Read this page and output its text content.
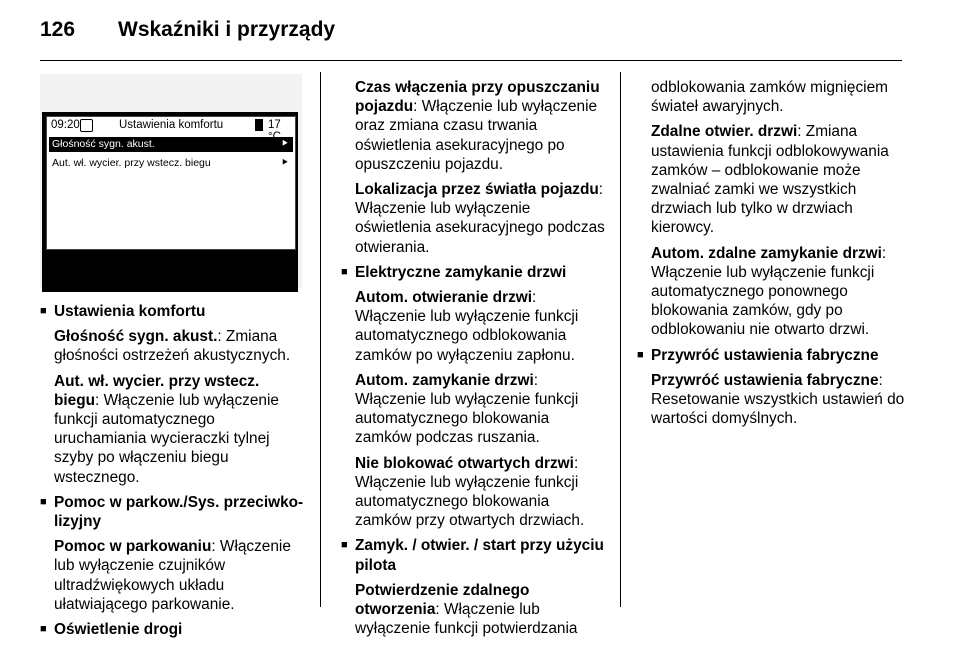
126 Wskaźniki i przyrządy
09:20	Ustawienia komfortu	17
Głośność sygn. akust.	⯈
Aut. wł. wycier. przy wstecz. biegu	⯈
■ Ustawienia komfortu

Głośność sygn. akust.: Zmiana głośności ostrzeżeń akustycznych.

Aut. wł. wycier. przy wstecz. biegu: Włączenie lub wyłączenie funkcji automatycznego uruchamiania wycieraczki tylnej szyby po włączeniu biegu wstecznego.

■ Pomoc w parkow./Sys. przeciwko-lizyjny

Pomoc w parkowaniu: Włączenie lub wyłączenie czujników ultradźwiękowych układu ułatwiającego parkowanie.

■ Oświetlenie drogi

Czas włączenia przy opuszczaniu pojazdu: Włączenie lub wyłączenie oraz zmiana czasu trwania oświetlenia asekuracyjnego po opuszczeniu pojazdu.

Lokalizacja przez światła pojazdu: Włączenie lub wyłączenie oświetlenia asekuracyjnego podczas otwierania.

■ Elektryczne zamykanie drzwi

Autom. otwieranie drzwi: Włączenie lub wyłączenie funkcji automatycznego odblokowania zamków po wyłączeniu zapłonu.

Autom. zamykanie drzwi: Włączenie lub wyłączenie funkcji automatycznego blokowania zamków podczas ruszania.

Nie blokować otwartych drzwi: Włączenie lub wyłączenie funkcji automatycznego blokowania zamków przy otwartych drzwiach.

■ Zamyk. / otwier. / start przy użyciu pilota

Potwierdzenie zdalnego otworzenia: Włączenie lub wyłączenie funkcji potwierdzania

odblokowania zamków mignięciem świateł awaryjnych.

Zdalne otwier. drzwi: Zmiana ustawienia funkcji odblokowywania zamków – odblokowanie może zwalniać zamki we wszystkich drzwiach lub tylko w drzwiach kierowcy.

Autom. zdalne zamykanie drzwi: Włączenie lub wyłączenie funkcji automatycznego ponownego blokowania zamków, gdy po odblokowaniu nie otwarto drzwi.

■ Przywróć ustawienia fabryczne

Przywróć ustawienia fabryczne: Resetowanie wszystkich ustawień do wartości domyślnych.
